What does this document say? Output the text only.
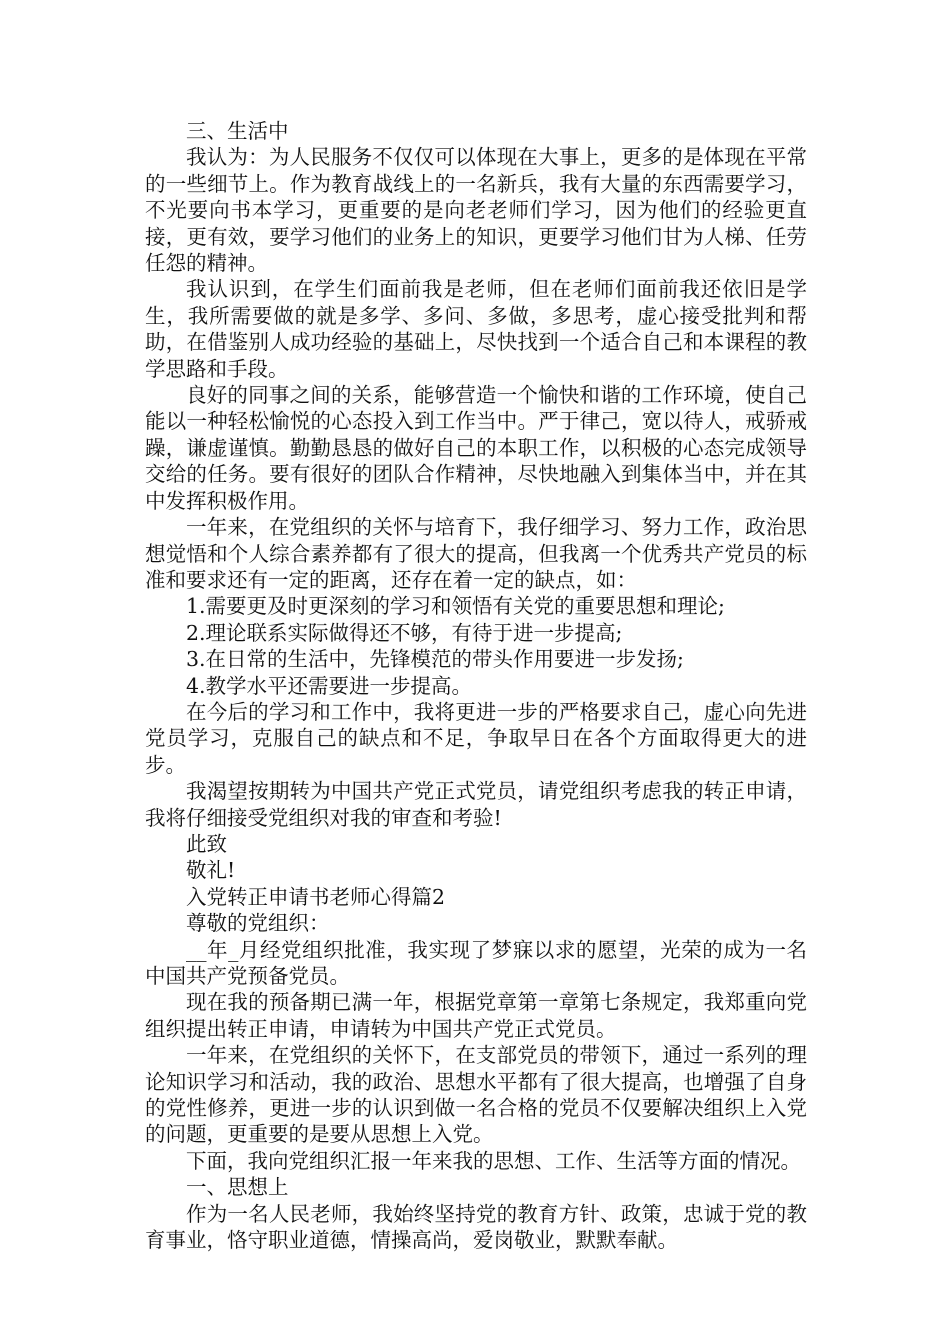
三、生活中

我认为：为人民服务不仅仅可以体现在大事上，更多的是体现在平常的一些细节上。作为教育战线上的一名新兵，我有大量的东西需要学习，不光要向书本学习，更重要的是向老老师们学习，因为他们的经验更直接，更有效，要学习他们的业务上的知识，更要学习他们甘为人梯、任劳任怨的精神。

我认识到，在学生们面前我是老师，但在老师们面前我还依旧是学生，我所需要做的就是多学、多问、多做，多思考，虚心接受批判和帮助，在借鉴别人成功经验的基础上，尽快找到一个适合自己和本课程的教学思路和手段。

良好的同事之间的关系，能够营造一个愉快和谐的工作环境，使自己能以一种轻松愉悦的心态投入到工作当中。严于律己，宽以待人，戒骄戒躁，谦虚谨慎。勤勤恳恳的做好自己的本职工作，以积极的心态完成领导交给的任务。要有很好的团队合作精神，尽快地融入到集体当中，并在其中发挥积极作用。

一年来，在党组织的关怀与培育下，我仔细学习、努力工作，政治思想觉悟和个人综合素养都有了很大的提高，但我离一个优秀共产党员的标准和要求还有一定的距离，还存在着一定的缺点，如：

1.需要更及时更深刻的学习和领悟有关党的重要思想和理论;

2.理论联系实际做得还不够，有待于进一步提高;

3.在日常的生活中，先锋模范的带头作用要进一步发扬;

4.教学水平还需要进一步提高。

在今后的学习和工作中，我将更进一步的严格要求自己，虚心向先进党员学习，克服自己的缺点和不足，争取早日在各个方面取得更大的进步。

我渴望按期转为中国共产党正式党员，请党组织考虑我的转正申请，我将仔细接受党组织对我的审查和考验!

此致

敬礼!

入党转正申请书老师心得篇2

尊敬的党组织：

__年_月经党组织批准，我实现了梦寐以求的愿望，光荣的成为一名中国共产党预备党员。

现在我的预备期已满一年，根据党章第一章第七条规定，我郑重向党组织提出转正申请，申请转为中国共产党正式党员。

一年来，在党组织的关怀下，在支部党员的带领下，通过一系列的理论知识学习和活动，我的政治、思想水平都有了很大提高，也增强了自身的党性修养，更进一步的认识到做一名合格的党员不仅要解决组织上入党的问题，更重要的是要从思想上入党。

下面，我向党组织汇报一年来我的思想、工作、生活等方面的情况。

一、思想上

作为一名人民老师，我始终坚持党的教育方针、政策，忠诚于党的教育事业，恪守职业道德，情操高尚，爱岗敬业，默默奉献。
